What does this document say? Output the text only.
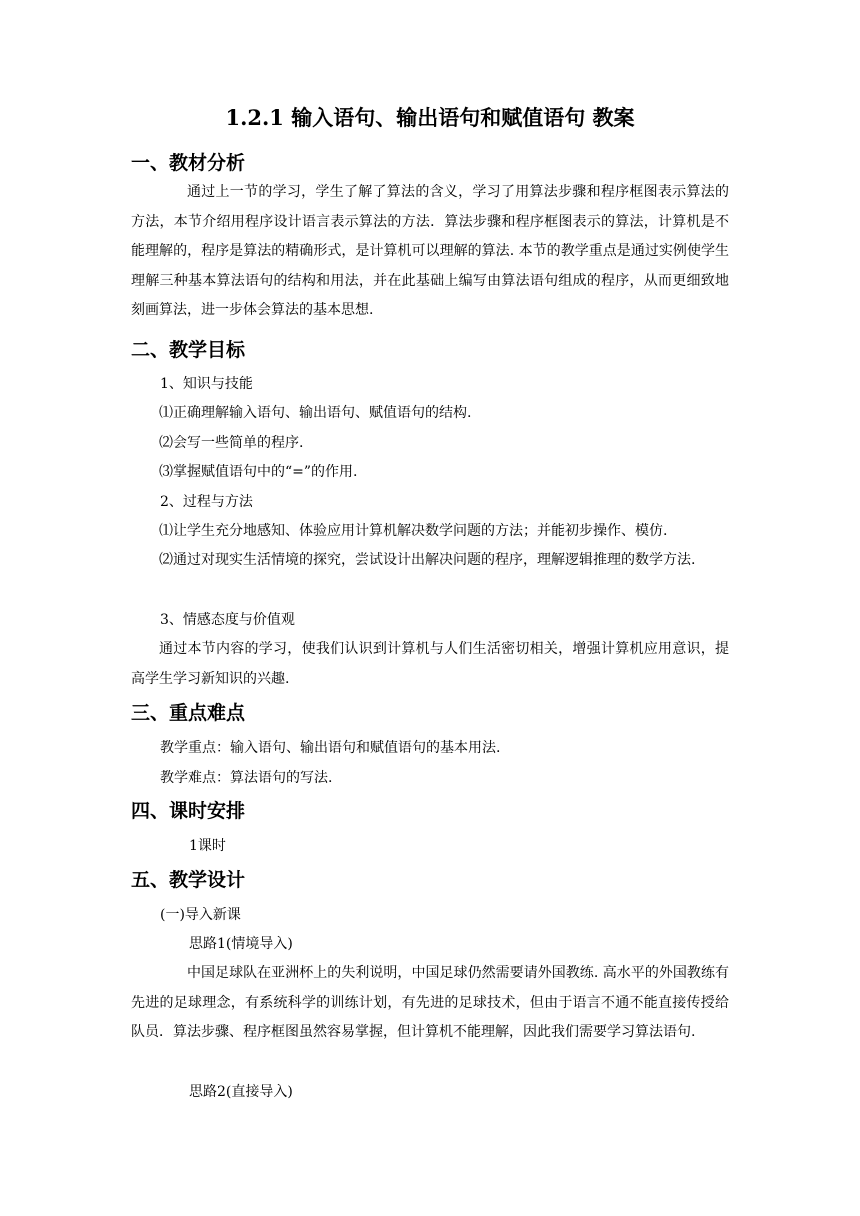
1.2.1 输入语句、输出语句和赋值语句 教案
一、教材分析

通过上一节的学习，学生了解了算法的含义，学习了用算法步骤和程序框图表示算法的方法，本节介绍用程序设计语言表示算法的方法．算法步骤和程序框图表示的算法，计算机是不能理解的，程序是算法的精确形式，是计算机可以理解的算法. 本节的教学重点是通过实例使学生理解三种基本算法语句的结构和用法，并在此基础上编写由算法语句组成的程序，从而更细致地刻画算法，进一步体会算法的基本思想.

二、教学目标

1、知识与技能

⑴正确理解输入语句、输出语句、赋值语句的结构.

⑵会写一些简单的程序.

⑶掌握赋值语句中的“=”的作用.

2、过程与方法

⑴让学生充分地感知、体验应用计算机解决数学问题的方法；并能初步操作、模仿.

⑵通过对现实生活情境的探究，尝试设计出解决问题的程序，理解逻辑推理的数学方法.

3、情感态度与价值观

通过本节内容的学习，使我们认识到计算机与人们生活密切相关，增强计算机应用意识，提高学生学习新知识的兴趣.

三、重点难点

教学重点：输入语句、输出语句和赋值语句的基本用法.

教学难点：算法语句的写法.

四、课时安排

1课时

五、教学设计

(一)导入新课

思路1(情境导入)

中国足球队在亚洲杯上的失利说明，中国足球仍然需要请外国教练. 高水平的外国教练有先进的足球理念，有系统科学的训练计划，有先进的足球技术，但由于语言不通不能直接传授给队员．算法步骤、程序框图虽然容易掌握，但计算机不能理解，因此我们需要学习算法语句.

思路2(直接导入)
